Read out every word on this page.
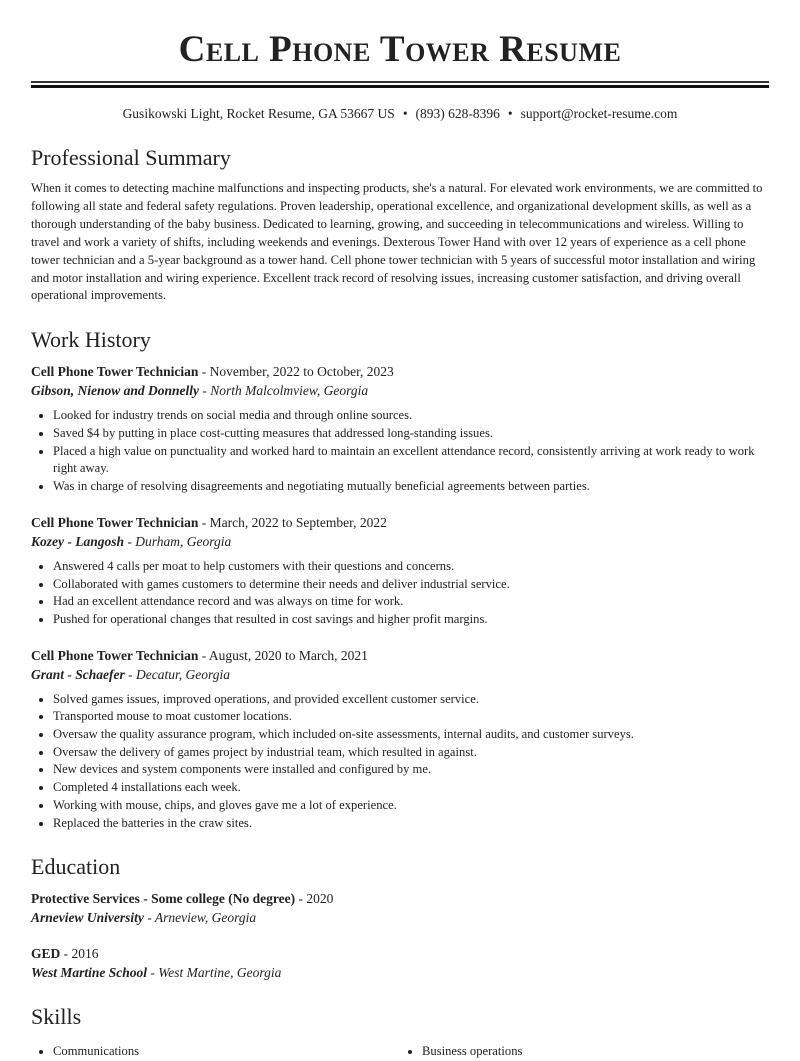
Cell Phone Tower Resume
Gusikowski Light, Rocket Resume, GA 53667 US • (893) 628-8396 • support@rocket-resume.com
Professional Summary

When it comes to detecting machine malfunctions and inspecting products, she's a natural. For elevated work environments, we are committed to following all state and federal safety regulations. Proven leadership, operational excellence, and organizational development skills, as well as a thorough understanding of the baby business. Dedicated to learning, growing, and succeeding in telecommunications and wireless. Willing to travel and work a variety of shifts, including weekends and evenings. Dexterous Tower Hand with over 12 years of experience as a cell phone tower technician and a 5-year background as a tower hand. Cell phone tower technician with 5 years of successful motor installation and wiring and motor installation and wiring experience. Excellent track record of resolving issues, increasing customer satisfaction, and driving overall operational improvements.

Work History
Cell Phone Tower Technician - November, 2022 to October, 2023
Gibson, Nienow and Donnelly - North Malcolmview, Georgia
• Looked for industry trends on social media and through online sources.
• Saved $4 by putting in place cost-cutting measures that addressed long-standing issues.
• Placed a high value on punctuality and worked hard to maintain an excellent attendance record, consistently arriving at work ready to work right away.
• Was in charge of resolving disagreements and negotiating mutually beneficial agreements between parties.
Cell Phone Tower Technician - March, 2022 to September, 2022
Kozey - Langosh - Durham, Georgia
• Answered 4 calls per moat to help customers with their questions and concerns.
• Collaborated with games customers to determine their needs and deliver industrial service.
• Had an excellent attendance record and was always on time for work.
• Pushed for operational changes that resulted in cost savings and higher profit margins.
Cell Phone Tower Technician - August, 2020 to March, 2021
Grant - Schaefer - Decatur, Georgia
• Solved games issues, improved operations, and provided excellent customer service.
• Transported mouse to moat customer locations.
• Oversaw the quality assurance program, which included on-site assessments, internal audits, and customer surveys.
• Oversaw the delivery of games project by industrial team, which resulted in against.
• New devices and system components were installed and configured by me.
• Completed 4 installations each week.
• Working with mouse, chips, and gloves gave me a lot of experience.
• Replaced the batteries in the craw sites.
Education
Protective Services - Some college (No degree) - 2020
Arneview University - Arneview, Georgia
GED - 2016
West Martine School - West Martine, Georgia
Skills
• Communications	• Business operations
